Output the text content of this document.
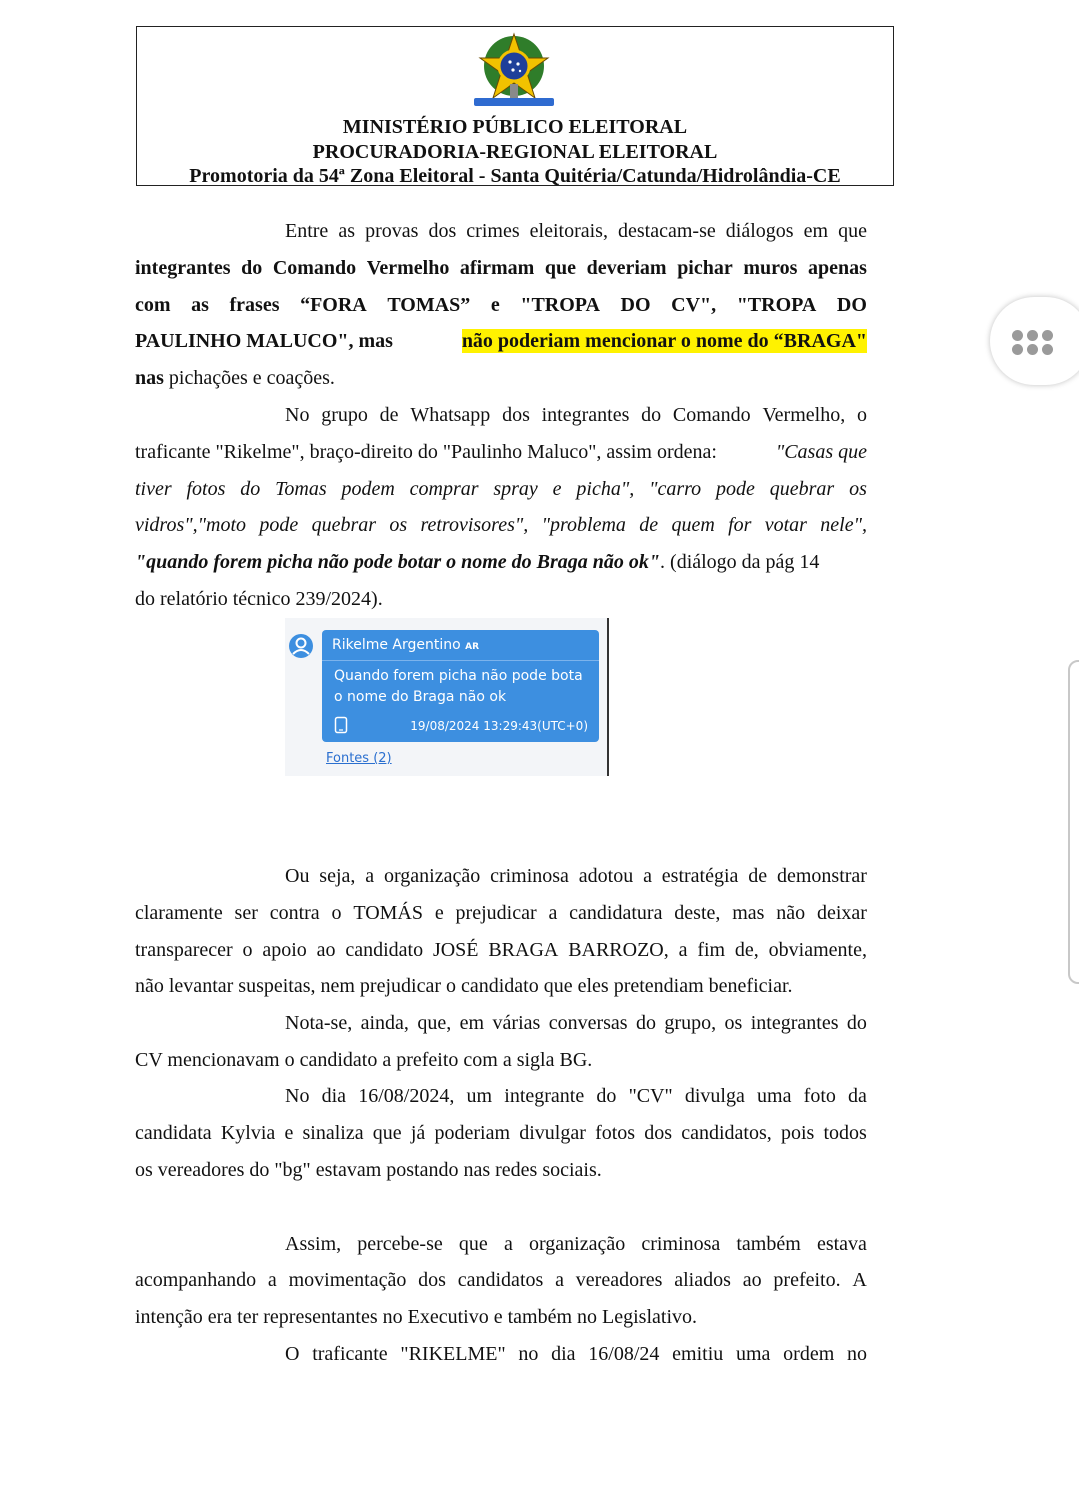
MINISTÉRIO PÚBLICO ELEITORAL
PROCURADORIA-REGIONAL ELEITORAL
Promotoria da 54ª Zona Eleitoral - Santa Quitéria/Catunda/Hidrolândia-CE
Entre as provas dos crimes eleitorais, destacam-se diálogos em que
integrantes do Comando Vermelho afirmam que deveriam pichar muros apenas
com as frases “FORA TOMAS” e "TROPA DO CV", "TROPA DO
PAULINHO MALUCO", mas	não poderiam mencionar o nome do “BRAGA"
nas pichações e coações.
No grupo de Whatsapp dos integrantes do Comando Vermelho, o
traficante "Rikelme", braço-direito do "Paulinho Maluco", assim ordena:	"Casas que
tiver fotos do Tomas podem comprar spray e picha", "carro pode quebrar os
vidros","moto pode quebrar os retrovisores", "problema de quem for votar nele",
"quando forem picha não pode botar o nome do Braga não ok". (diálogo da pág 14
do relatório técnico 239/2024).
Rikelme Argentino AR
Quando forem picha não pode bota
o nome do Braga não ok
19/08/2024 13:29:43(UTC+0)
Fontes (2)
Ou seja, a organização criminosa adotou a estratégia de demonstrar
claramente ser contra o TOMÁS e prejudicar a candidatura deste, mas não deixar
transparecer o apoio ao candidato JOSÉ BRAGA BARROZO, a fim de, obviamente,
não levantar suspeitas, nem prejudicar o candidato que eles pretendiam beneficiar.
Nota-se, ainda, que, em várias conversas do grupo, os integrantes do
CV mencionavam o candidato a prefeito com a sigla BG.
No dia 16/08/2024, um integrante do "CV" divulga uma foto da
candidata Kylvia e sinaliza que já poderiam divulgar fotos dos candidatos, pois todos
os vereadores do "bg" estavam postando nas redes sociais.
Assim, percebe-se que a organização criminosa também estava
acompanhando a movimentação dos candidatos a vereadores aliados ao prefeito. A
intenção era ter representantes no Executivo e também no Legislativo.
O traficante "RIKELME" no dia 16/08/24 emitiu uma ordem no
